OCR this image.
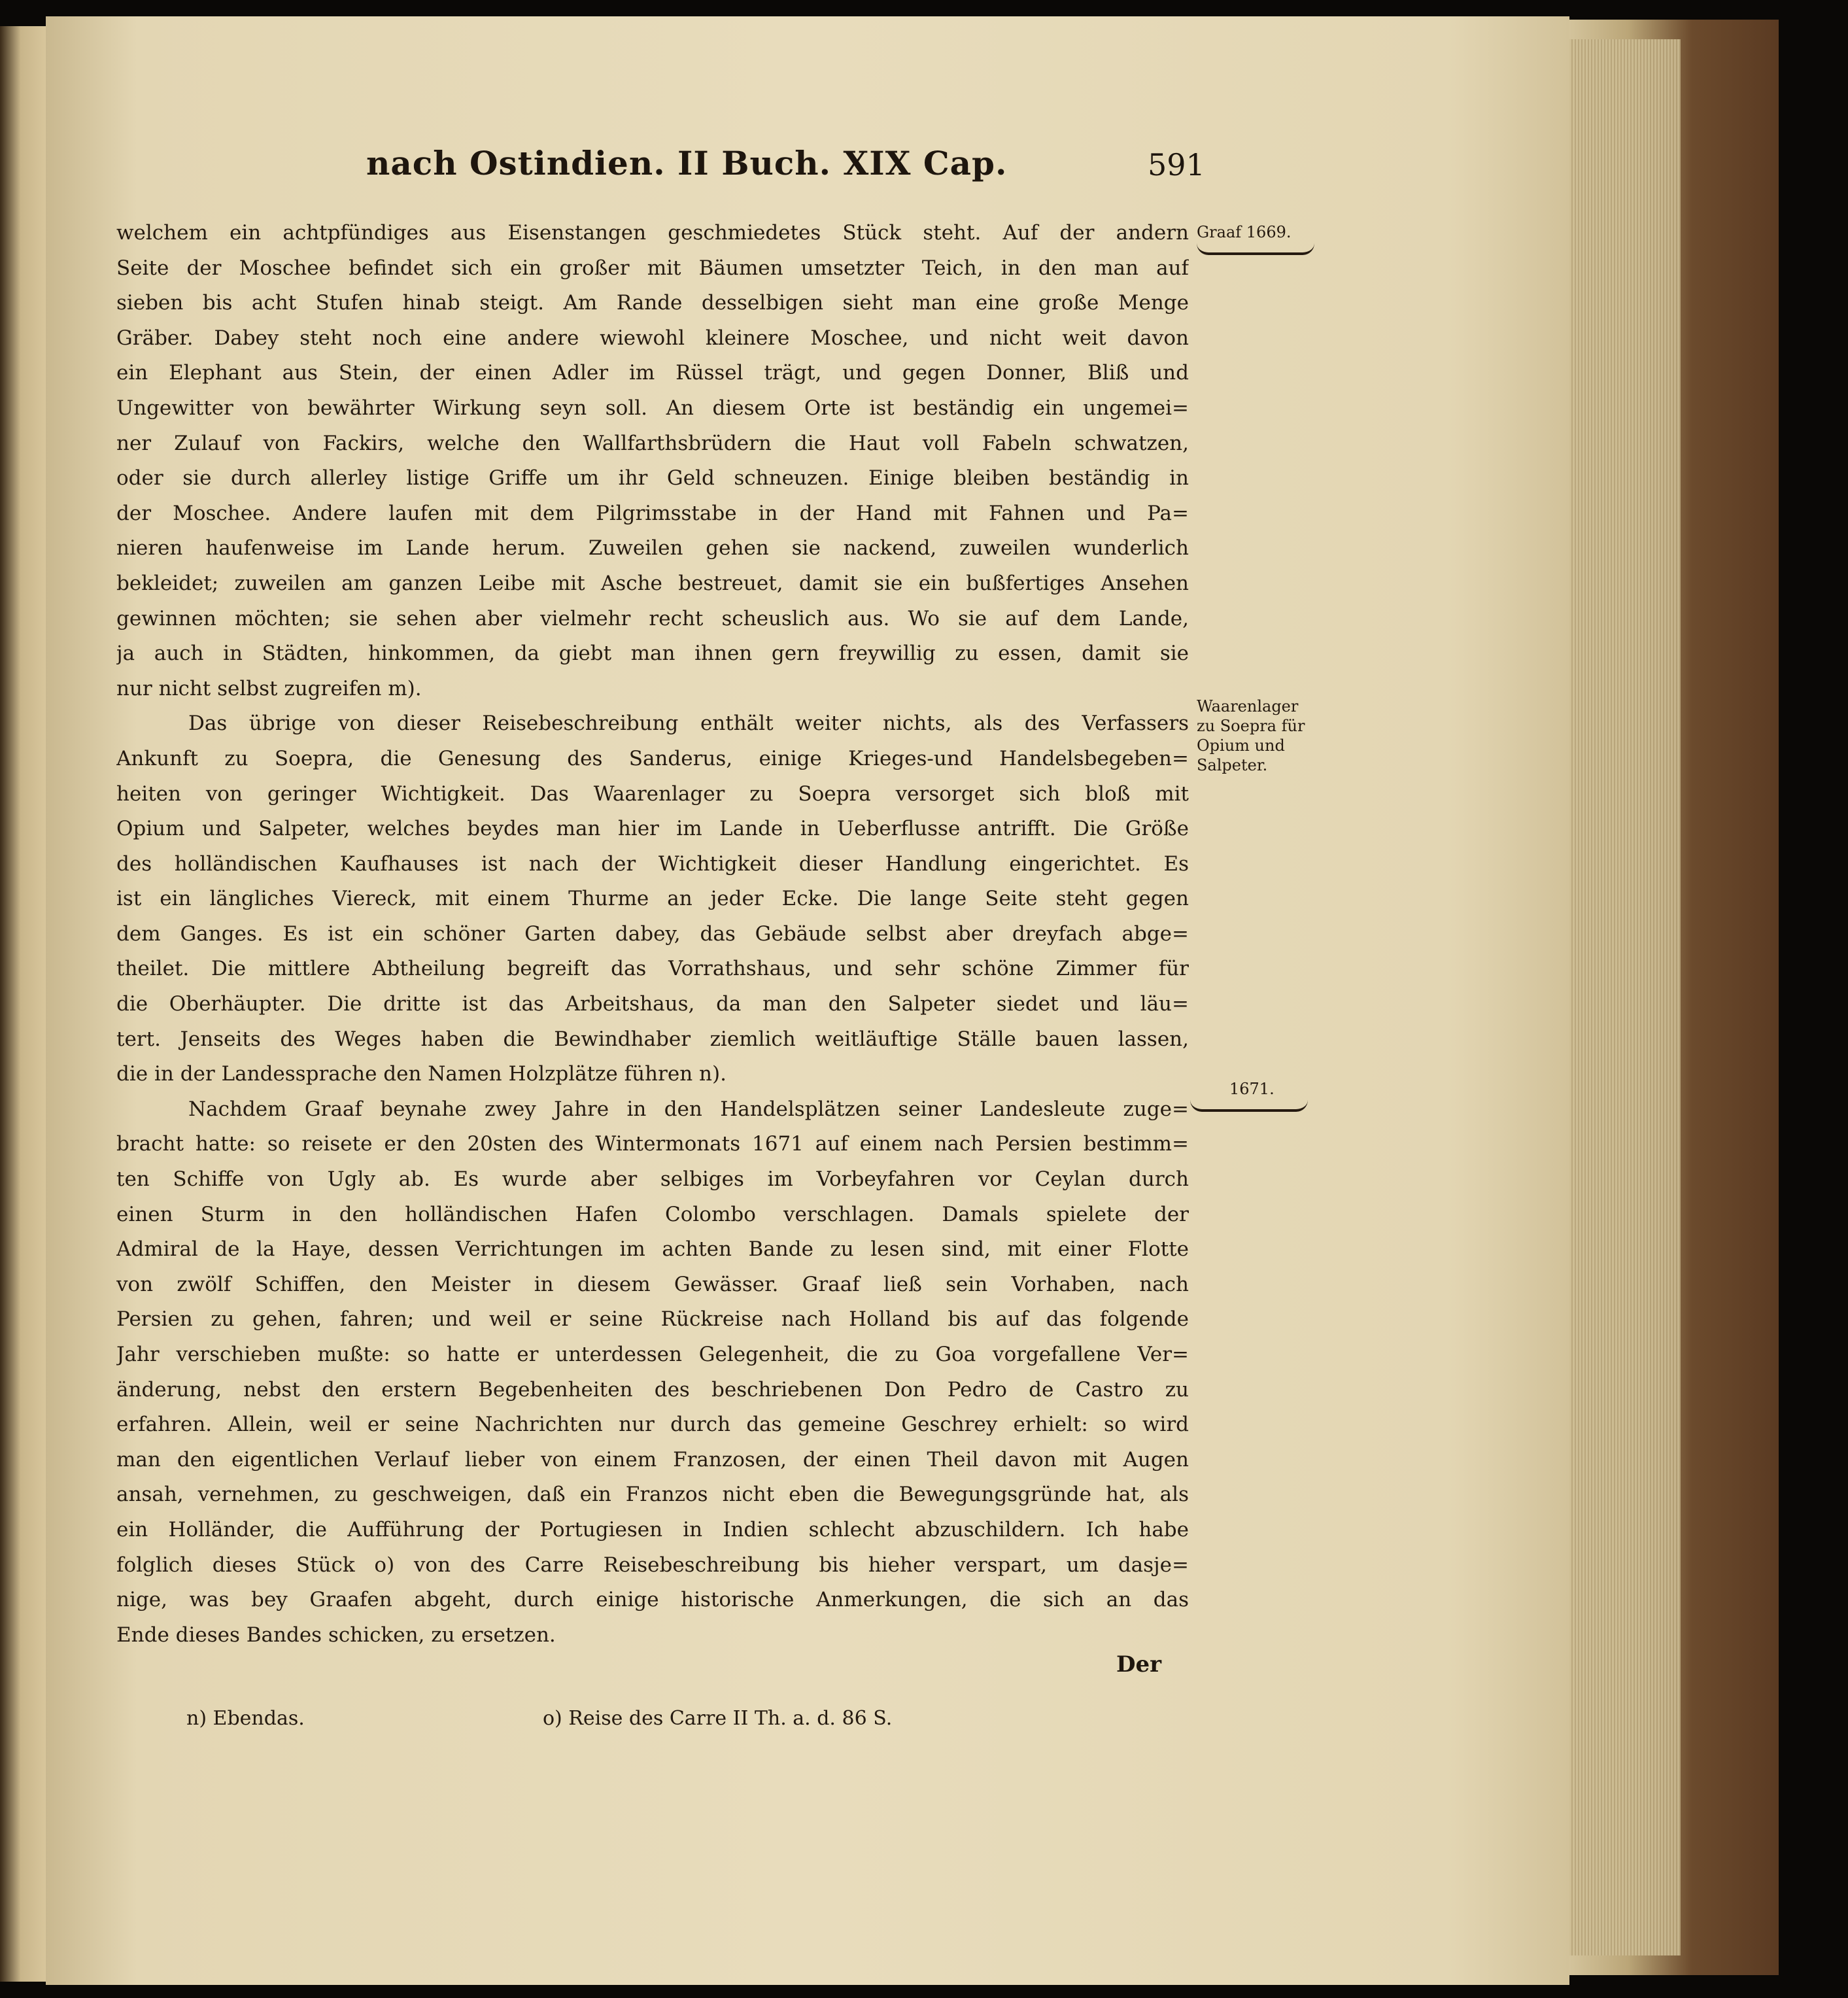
nach Ostindien. II Buch. XIX Cap.	591
welchem ein achtpfündiges aus Eisenstangen geschmiedetes Stück steht. Auf der andern
Seite der Moschee befindet sich ein großer mit Bäumen umsetzter Teich, in den man auf
sieben bis acht Stufen hinab steigt. Am Rande desselbigen sieht man eine große Menge
Gräber. Dabey steht noch eine andere wiewohl kleinere Moschee, und nicht weit davon
ein Elephant aus Stein, der einen Adler im Rüssel trägt, und gegen Donner, Bliß und
Ungewitter von bewährter Wirkung seyn soll. An diesem Orte ist beständig ein ungemei=
ner Zulauf von Fackirs, welche den Wallfarthsbrüdern die Haut voll Fabeln schwatzen,
oder sie durch allerley listige Griffe um ihr Geld schneuzen. Einige bleiben beständig in
der Moschee. Andere laufen mit dem Pilgrimsstabe in der Hand mit Fahnen und Pa=
nieren haufenweise im Lande herum. Zuweilen gehen sie nackend, zuweilen wunderlich
bekleidet; zuweilen am ganzen Leibe mit Asche bestreuet, damit sie ein bußfertiges Ansehen
gewinnen möchten; sie sehen aber vielmehr recht scheuslich aus. Wo sie auf dem Lande,
ja auch in Städten, hinkommen, da giebt man ihnen gern freywillig zu essen, damit sie
nur nicht selbst zugreifen m).
Das übrige von dieser Reisebeschreibung enthält weiter nichts, als des Verfassers
Ankunft zu Soepra, die Genesung des Sanderus, einige Krieges-und Handelsbegeben=
heiten von geringer Wichtigkeit. Das Waarenlager zu Soepra versorget sich bloß mit
Opium und Salpeter, welches beydes man hier im Lande in Ueberflusse antrifft. Die Größe
des holländischen Kaufhauses ist nach der Wichtigkeit dieser Handlung eingerichtet. Es
ist ein längliches Viereck, mit einem Thurme an jeder Ecke. Die lange Seite steht gegen
dem Ganges. Es ist ein schöner Garten dabey, das Gebäude selbst aber dreyfach abge=
theilet. Die mittlere Abtheilung begreift das Vorrathshaus, und sehr schöne Zimmer für
die Oberhäupter. Die dritte ist das Arbeitshaus, da man den Salpeter siedet und läu=
tert. Jenseits des Weges haben die Bewindhaber ziemlich weitläuftige Ställe bauen lassen,
die in der Landessprache den Namen Holzplätze führen n).
Nachdem Graaf beynahe zwey Jahre in den Handelsplätzen seiner Landesleute zuge=
bracht hatte: so reisete er den 20sten des Wintermonats 1671 auf einem nach Persien bestimm=
ten Schiffe von Ugly ab. Es wurde aber selbiges im Vorbeyfahren vor Ceylan durch
einen Sturm in den holländischen Hafen Colombo verschlagen. Damals spielete der
Admiral de la Haye, dessen Verrichtungen im achten Bande zu lesen sind, mit einer Flotte
von zwölf Schiffen, den Meister in diesem Gewässer. Graaf ließ sein Vorhaben, nach
Persien zu gehen, fahren; und weil er seine Rückreise nach Holland bis auf das folgende
Jahr verschieben mußte: so hatte er unterdessen Gelegenheit, die zu Goa vorgefallene Ver=
änderung, nebst den erstern Begebenheiten des beschriebenen Don Pedro de Castro zu
erfahren. Allein, weil er seine Nachrichten nur durch das gemeine Geschrey erhielt: so wird
man den eigentlichen Verlauf lieber von einem Franzosen, der einen Theil davon mit Augen
ansah, vernehmen, zu geschweigen, daß ein Franzos nicht eben die Bewegungsgründe hat, als
ein Holländer, die Aufführung der Portugiesen in Indien schlecht abzuschildern. Ich habe
folglich dieses Stück o) von des Carre Reisebeschreibung bis hieher verspart, um dasje=
nige, was bey Graafen abgeht, durch einige historische Anmerkungen, die sich an das
Ende dieses Bandes schicken, zu ersetzen.
Graaf 1669.
Waarenlager
zu Soepra für
Opium und
Salpeter.
1671.
Der
n) Ebendas.	o) Reise des Carre II Th. a. d. 86 S.
